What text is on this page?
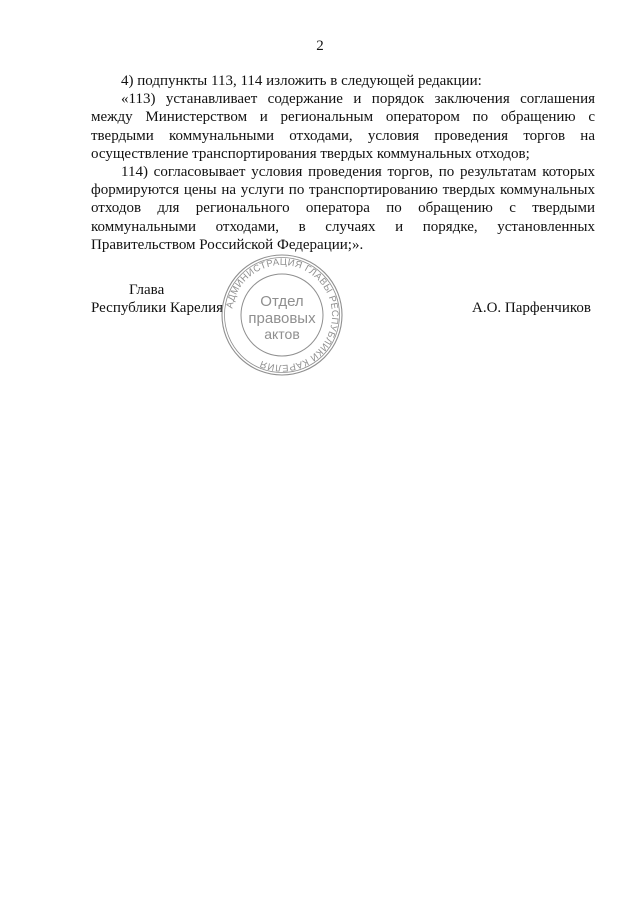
2

4) подпункты 113, 114 изложить в следующей редакции:

«113) устанавливает содержание и порядок заключения соглашения между Министерством и региональным оператором по обращению с твердыми коммунальными отходами, условия проведения торгов на осуществление транспортирования твердых коммунальных отходов;

114) согласовывает условия проведения торгов, по результатам которых формируются цены на услуги по транспортированию твердых коммунальных отходов для регионального оператора по обращению с твердыми коммунальными отходами, в случаях и порядке, установленных Правительством Российской Федерации;».

Глава
Республики Карелия	А.О. Парфенчиков
АДМИНИСТРАЦИЯ ГЛАВЫ РЕСПУБЛИКИ КАРЕЛИЯ
Отдел
правовых
актов
